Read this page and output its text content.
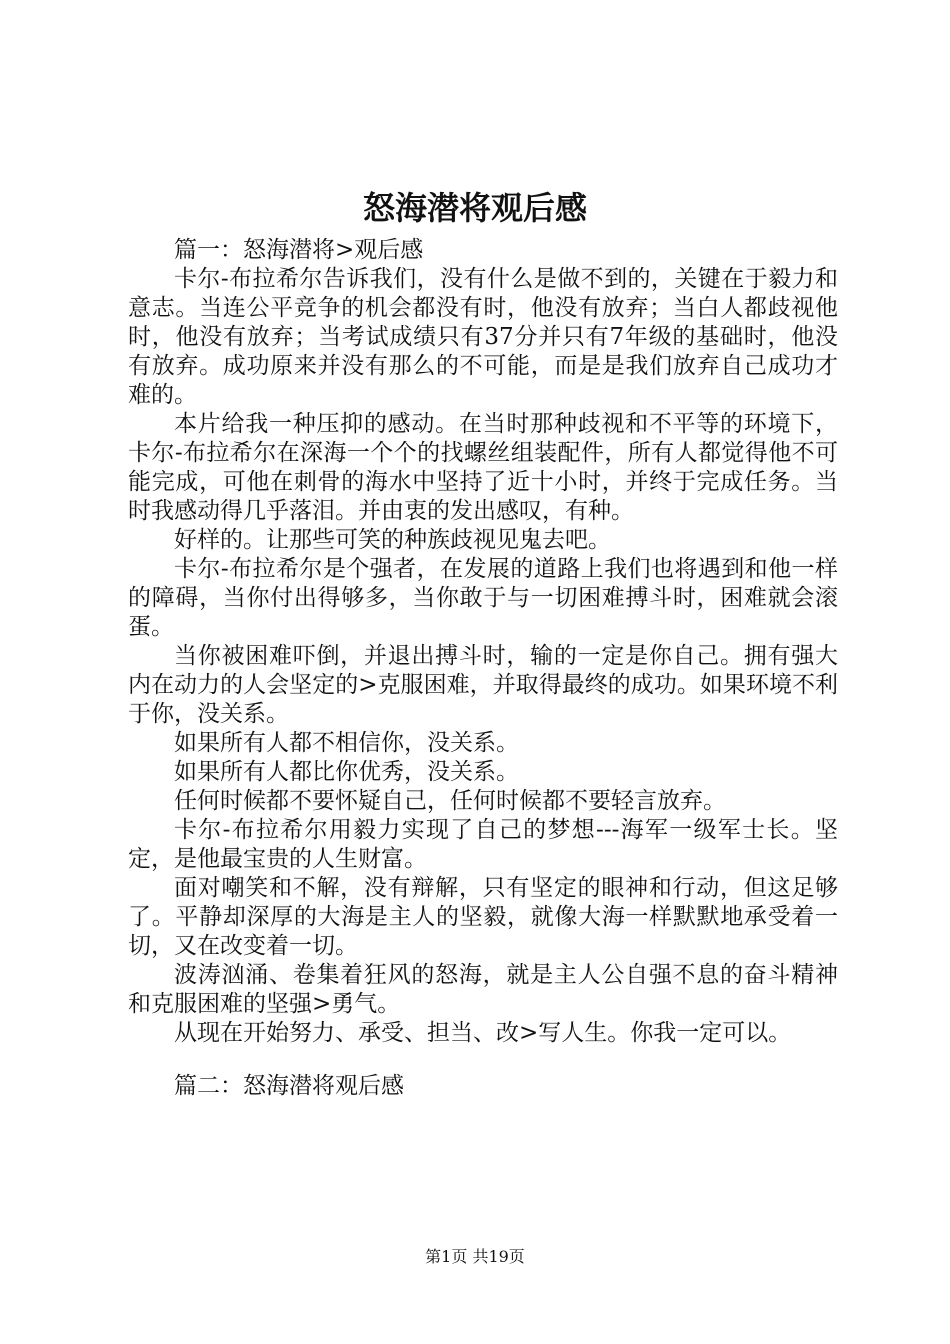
怒海潜将观后感

篇一：怒海潜将>观后感

卡尔-布拉希尔告诉我们，没有什么是做不到的，关键在于毅力和意志。当连公平竞争的机会都没有时，他没有放弃；当白人都歧视他时，他没有放弃；当考试成绩只有37分并只有7年级的基础时，他没有放弃。成功原来并没有那么的不可能，而是是我们放弃自己成功才难的。

本片给我一种压抑的感动。在当时那种歧视和不平等的环境下，卡尔-布拉希尔在深海一个个的找螺丝组装配件，所有人都觉得他不可能完成，可他在刺骨的海水中坚持了近十小时，并终于完成任务。当时我感动得几乎落泪。并由衷的发出感叹，有种。

好样的。让那些可笑的种族歧视见鬼去吧。

卡尔-布拉希尔是个强者，在发展的道路上我们也将遇到和他一样的障碍，当你付出得够多，当你敢于与一切困难搏斗时，困难就会滚蛋。

当你被困难吓倒，并退出搏斗时，输的一定是你自己。拥有强大内在动力的人会坚定的>克服困难，并取得最终的成功。如果环境不利于你，没关系。

如果所有人都不相信你，没关系。

如果所有人都比你优秀，没关系。

任何时候都不要怀疑自己，任何时候都不要轻言放弃。

卡尔-布拉希尔用毅力实现了自己的梦想---海军一级军士长。坚定，是他最宝贵的人生财富。

面对嘲笑和不解，没有辩解，只有坚定的眼神和行动，但这足够了。平静却深厚的大海是主人的坚毅，就像大海一样默默地承受着一切，又在改变着一切。

波涛汹涌、卷集着狂风的怒海，就是主人公自强不息的奋斗精神和克服困难的坚强>勇气。

从现在开始努力、承受、担当、改>写人生。你我一定可以。

篇二：怒海潜将观后感

第1页 共19页
